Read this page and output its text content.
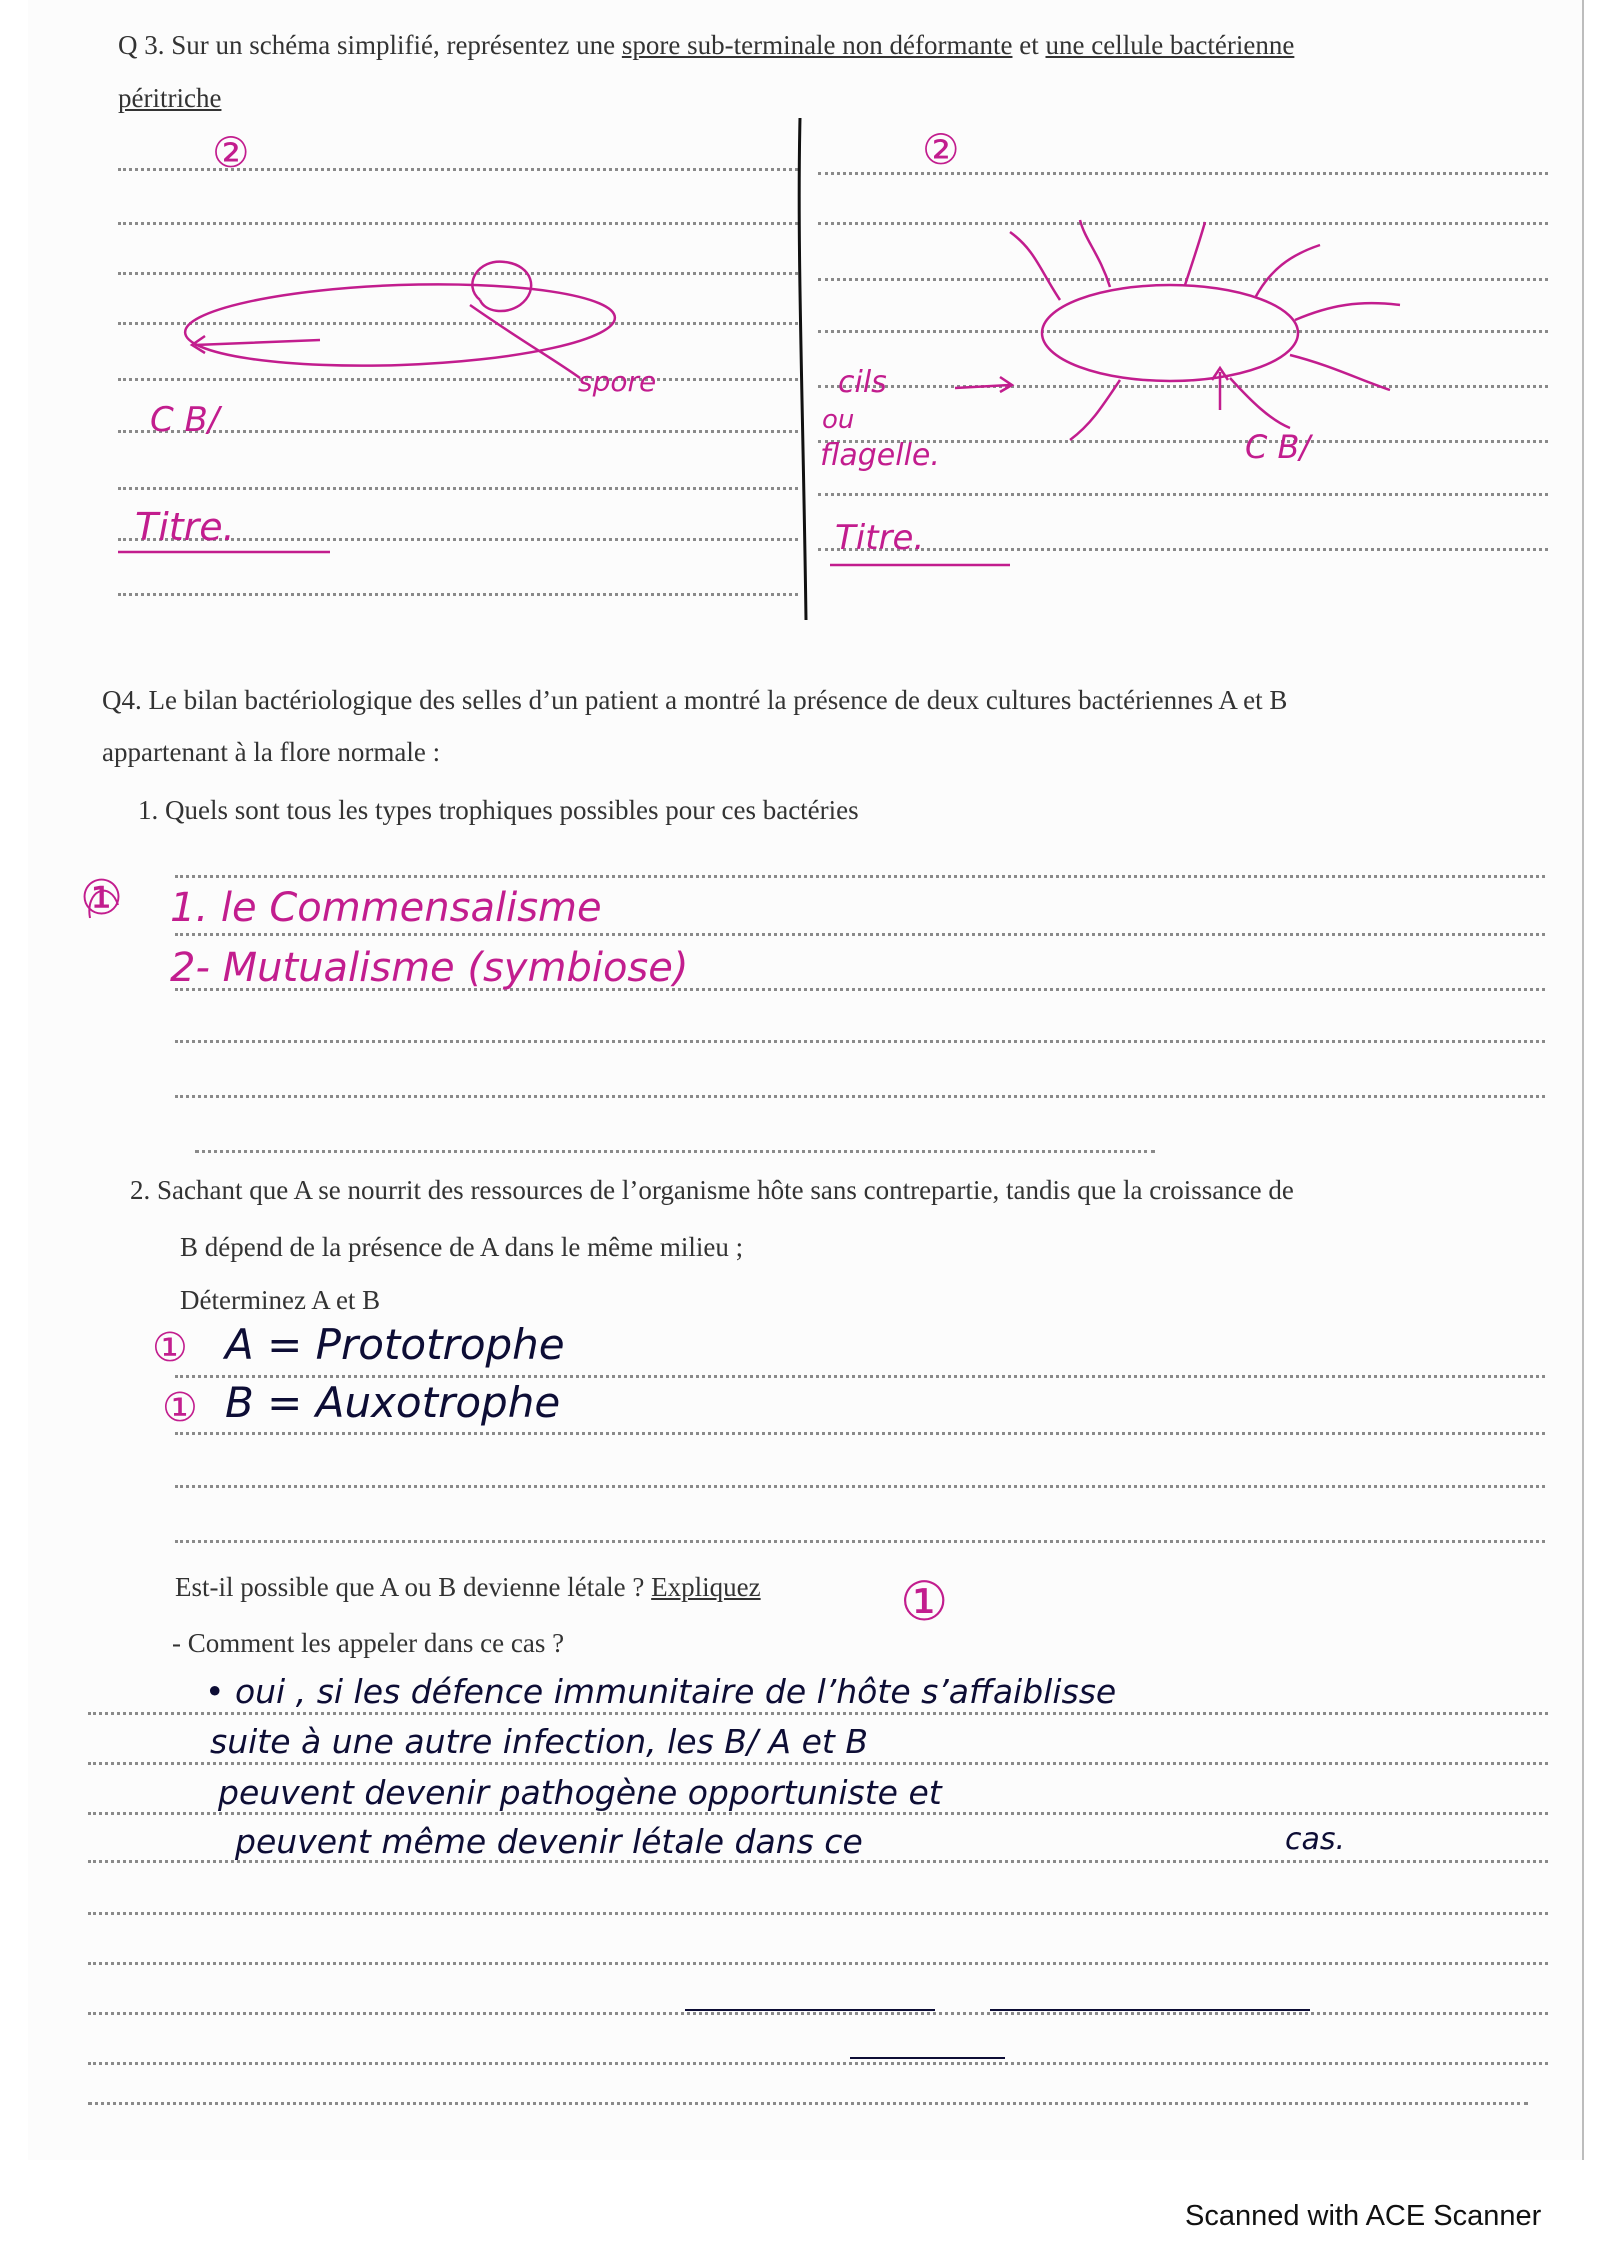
Q 3. Sur un schéma simplifié, représentez une spore sub-terminale non déformante et une cellule bactérienne
péritriche
②	②
spore	cils
ou
flagelle.
C B/
C B/
Titre.	Titre.
Q4. Le bilan bactériologique des selles d’un patient a montré la présence de deux cultures bactériennes A et B
appartenant à la flore normale :
1. Quels sont tous les types trophiques possibles pour ces bactéries
① 1. le Commensalisme
2- Mutualisme (symbiose)
2. Sachant que A se nourrit des ressources de l’organisme hôte sans contrepartie, tandis que la croissance de
B dépend de la présence de A dans le même milieu ;
Déterminez A et B
① A = Prototrophe
① B = Auxotrophe
Est-il possible que A ou B devienne létale ? Expliquez
- Comment les appeler dans ce cas ?
①
• oui , si les défence immunitaire de l’hôte s’affaiblisse
suite à une autre infection, les B/ A et B
peuvent devenir pathogène opportuniste et
peuvent même devenir létale dans ce	cas.
Scanned with ACE Scanner
